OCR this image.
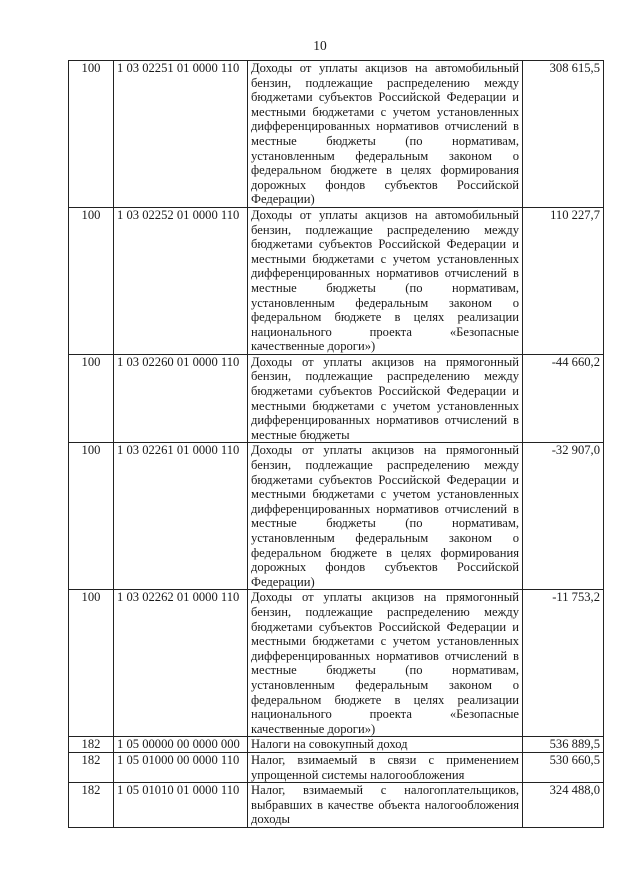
10
100	1 03 02251 01 0000 110	Доходы от уплаты акцизов на автомобильный бензин, подлежащие распределению между бюджетами субъектов Российской Федерации и местными бюджетами с учетом установленных дифференцированных нормативов отчислений в местные бюджеты (по нормативам, установленным федеральным законом о федеральном бюджете в целях формирования дорожных фондов субъектов Российской Федерации)	308 615,5
100	1 03 02252 01 0000 110	Доходы от уплаты акцизов на автомобильный бензин, подлежащие распределению между бюджетами субъектов Российской Федерации и местными бюджетами с учетом установленных дифференцированных нормативов отчислений в местные бюджеты (по нормативам, установленным федеральным законом о федеральном бюджете в целях реализации национального проекта «Безопасные качественные дороги»)	110 227,7
100	1 03 02260 01 0000 110	Доходы от уплаты акцизов на прямогонный бензин, подлежащие распределению между бюджетами субъектов Российской Федерации и местными бюджетами с учетом установленных дифференцированных нормативов отчислений в местные бюджеты	-44 660,2
100	1 03 02261 01 0000 110	Доходы от уплаты акцизов на прямогонный бензин, подлежащие распределению между бюджетами субъектов Российской Федерации и местными бюджетами с учетом установленных дифференцированных нормативов отчислений в местные бюджеты (по нормативам, установленным федеральным законом о федеральном бюджете в целях формирования дорожных фондов субъектов Российской Федерации)	-32 907,0
100	1 03 02262 01 0000 110	Доходы от уплаты акцизов на прямогонный бензин, подлежащие распределению между бюджетами субъектов Российской Федерации и местными бюджетами с учетом установленных дифференцированных нормативов отчислений в местные бюджеты (по нормативам, установленным федеральным законом о федеральном бюджете в целях реализации национального проекта «Безопасные качественные дороги»)	-11 753,2
182	1 05 00000 00 0000 000	Налоги на совокупный доход	536 889,5
182	1 05 01000 00 0000 110	Налог, взимаемый в связи с применением упрощенной системы налогообложения	530 660,5
182	1 05 01010 01 0000 110	Налог, взимаемый с налогоплательщиков, выбравших в качестве объекта налогообложения доходы	324 488,0
